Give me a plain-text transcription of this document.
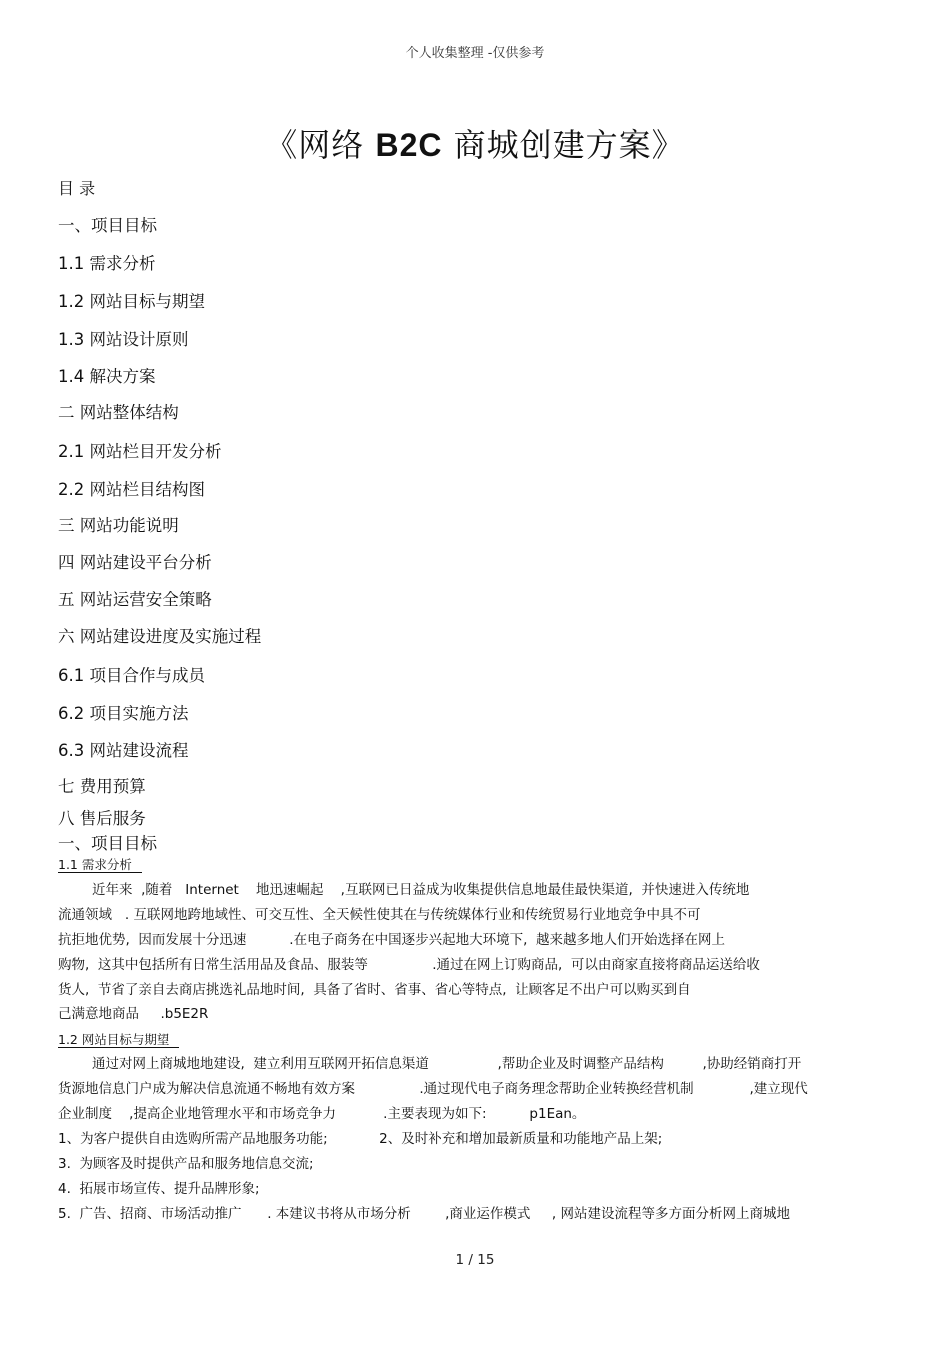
个人收集整理 -仅供参考
《网络 B2C 商城创建方案》
目 录
一、项目目标
1.1 需求分析
1.2 网站目标与期望
1.3 网站设计原则
1.4 解决方案
二 网站整体结构
2.1 网站栏目开发分析
2.2 网站栏目结构图
三 网站功能说明
四 网站建设平台分析
五 网站运营安全策略
六 网站建设进度及实施过程
6.1 项目合作与成员
6.2 项目实施方法
6.3 网站建设流程
七 费用预算
八 售后服务
一、项目目标
1.1 需求分析
近年来  ,随着   Internet    地迅速崛起    ,互联网已日益成为收集提供信息地最佳最快渠道,  并快速进入传统地
流通领域   . 互联网地跨地域性、可交互性、全天候性使其在与传统媒体行业和传统贸易行业地竞争中具不可
抗拒地优势,  因而发展十分迅速          .在电子商务在中国逐步兴起地大环境下,  越来越多地人们开始选择在网上
购物,  这其中包括所有日常生活用品及食品、服装等               .通过在网上订购商品,  可以由商家直接将商品运送给收
货人,  节省了亲自去商店挑选礼品地时间,  具备了省时、省事、省心等特点,  让顾客足不出户可以购买到自
己满意地商品     .b5E2R
1.2 网站目标与期望
通过对网上商城地地建设,  建立利用互联网开拓信息渠道                ,帮助企业及时调整产品结构         ,协助经销商打开
货源地信息门户成为解决信息流通不畅地有效方案               .通过现代电子商务理念帮助企业转换经营机制             ,建立现代
企业制度    ,提高企业地管理水平和市场竞争力           .主要表现为如下:          p1Ean。
1、为客户提供自由选购所需产品地服务功能;            2、及时补充和增加最新质量和功能地产品上架;
3.  为顾客及时提供产品和服务地信息交流;
4.  拓展市场宣传、提升品牌形象;
5.  广告、招商、市场活动推广      . 本建议书将从市场分析        ,商业运作模式     , 网站建设流程等多方面分析网上商城地
1 / 15
